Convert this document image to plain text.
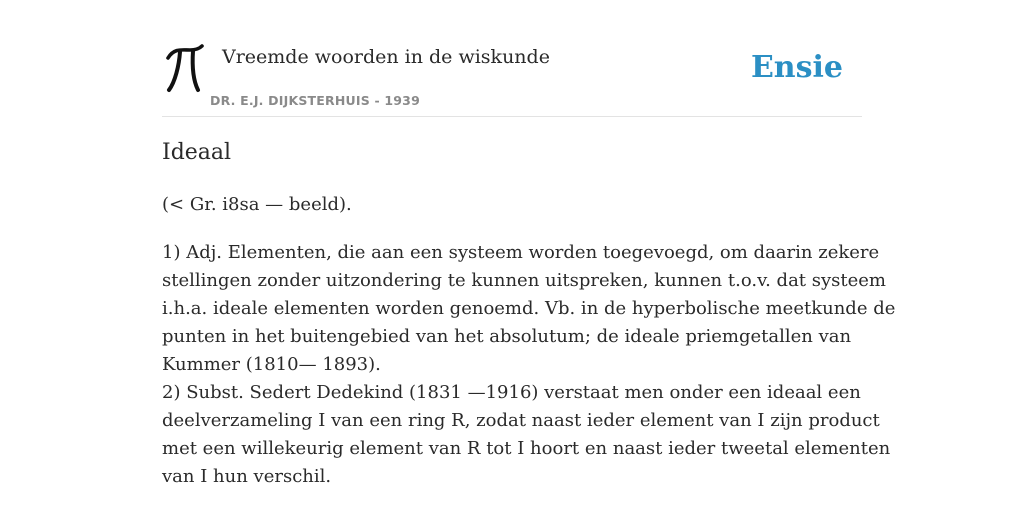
Vreemde woorden in de wiskunde
DR. E.J. DIJKSTERHUIS - 1939
Ensie
Ideaal
(< Gr. i8sa — beeld).
1) Adj. Elementen, die aan een systeem worden toegevoegd, om daarin zekere
stellingen zonder uitzondering te kunnen uitspreken, kunnen t.o.v. dat systeem
i.h.a. ideale elementen worden genoemd. Vb. in de hyperbolische meetkunde de
punten in het buitengebied van het absolutum; de ideale priemgetallen van
Kummer (1810— 1893).
2) Subst. Sedert Dedekind (1831 —1916) verstaat men onder een ideaal een
deelverzameling I van een ring R, zodat naast ieder element van I zijn product
met een willekeurig element van R tot I hoort en naast ieder tweetal elementen
van I hun verschil.
